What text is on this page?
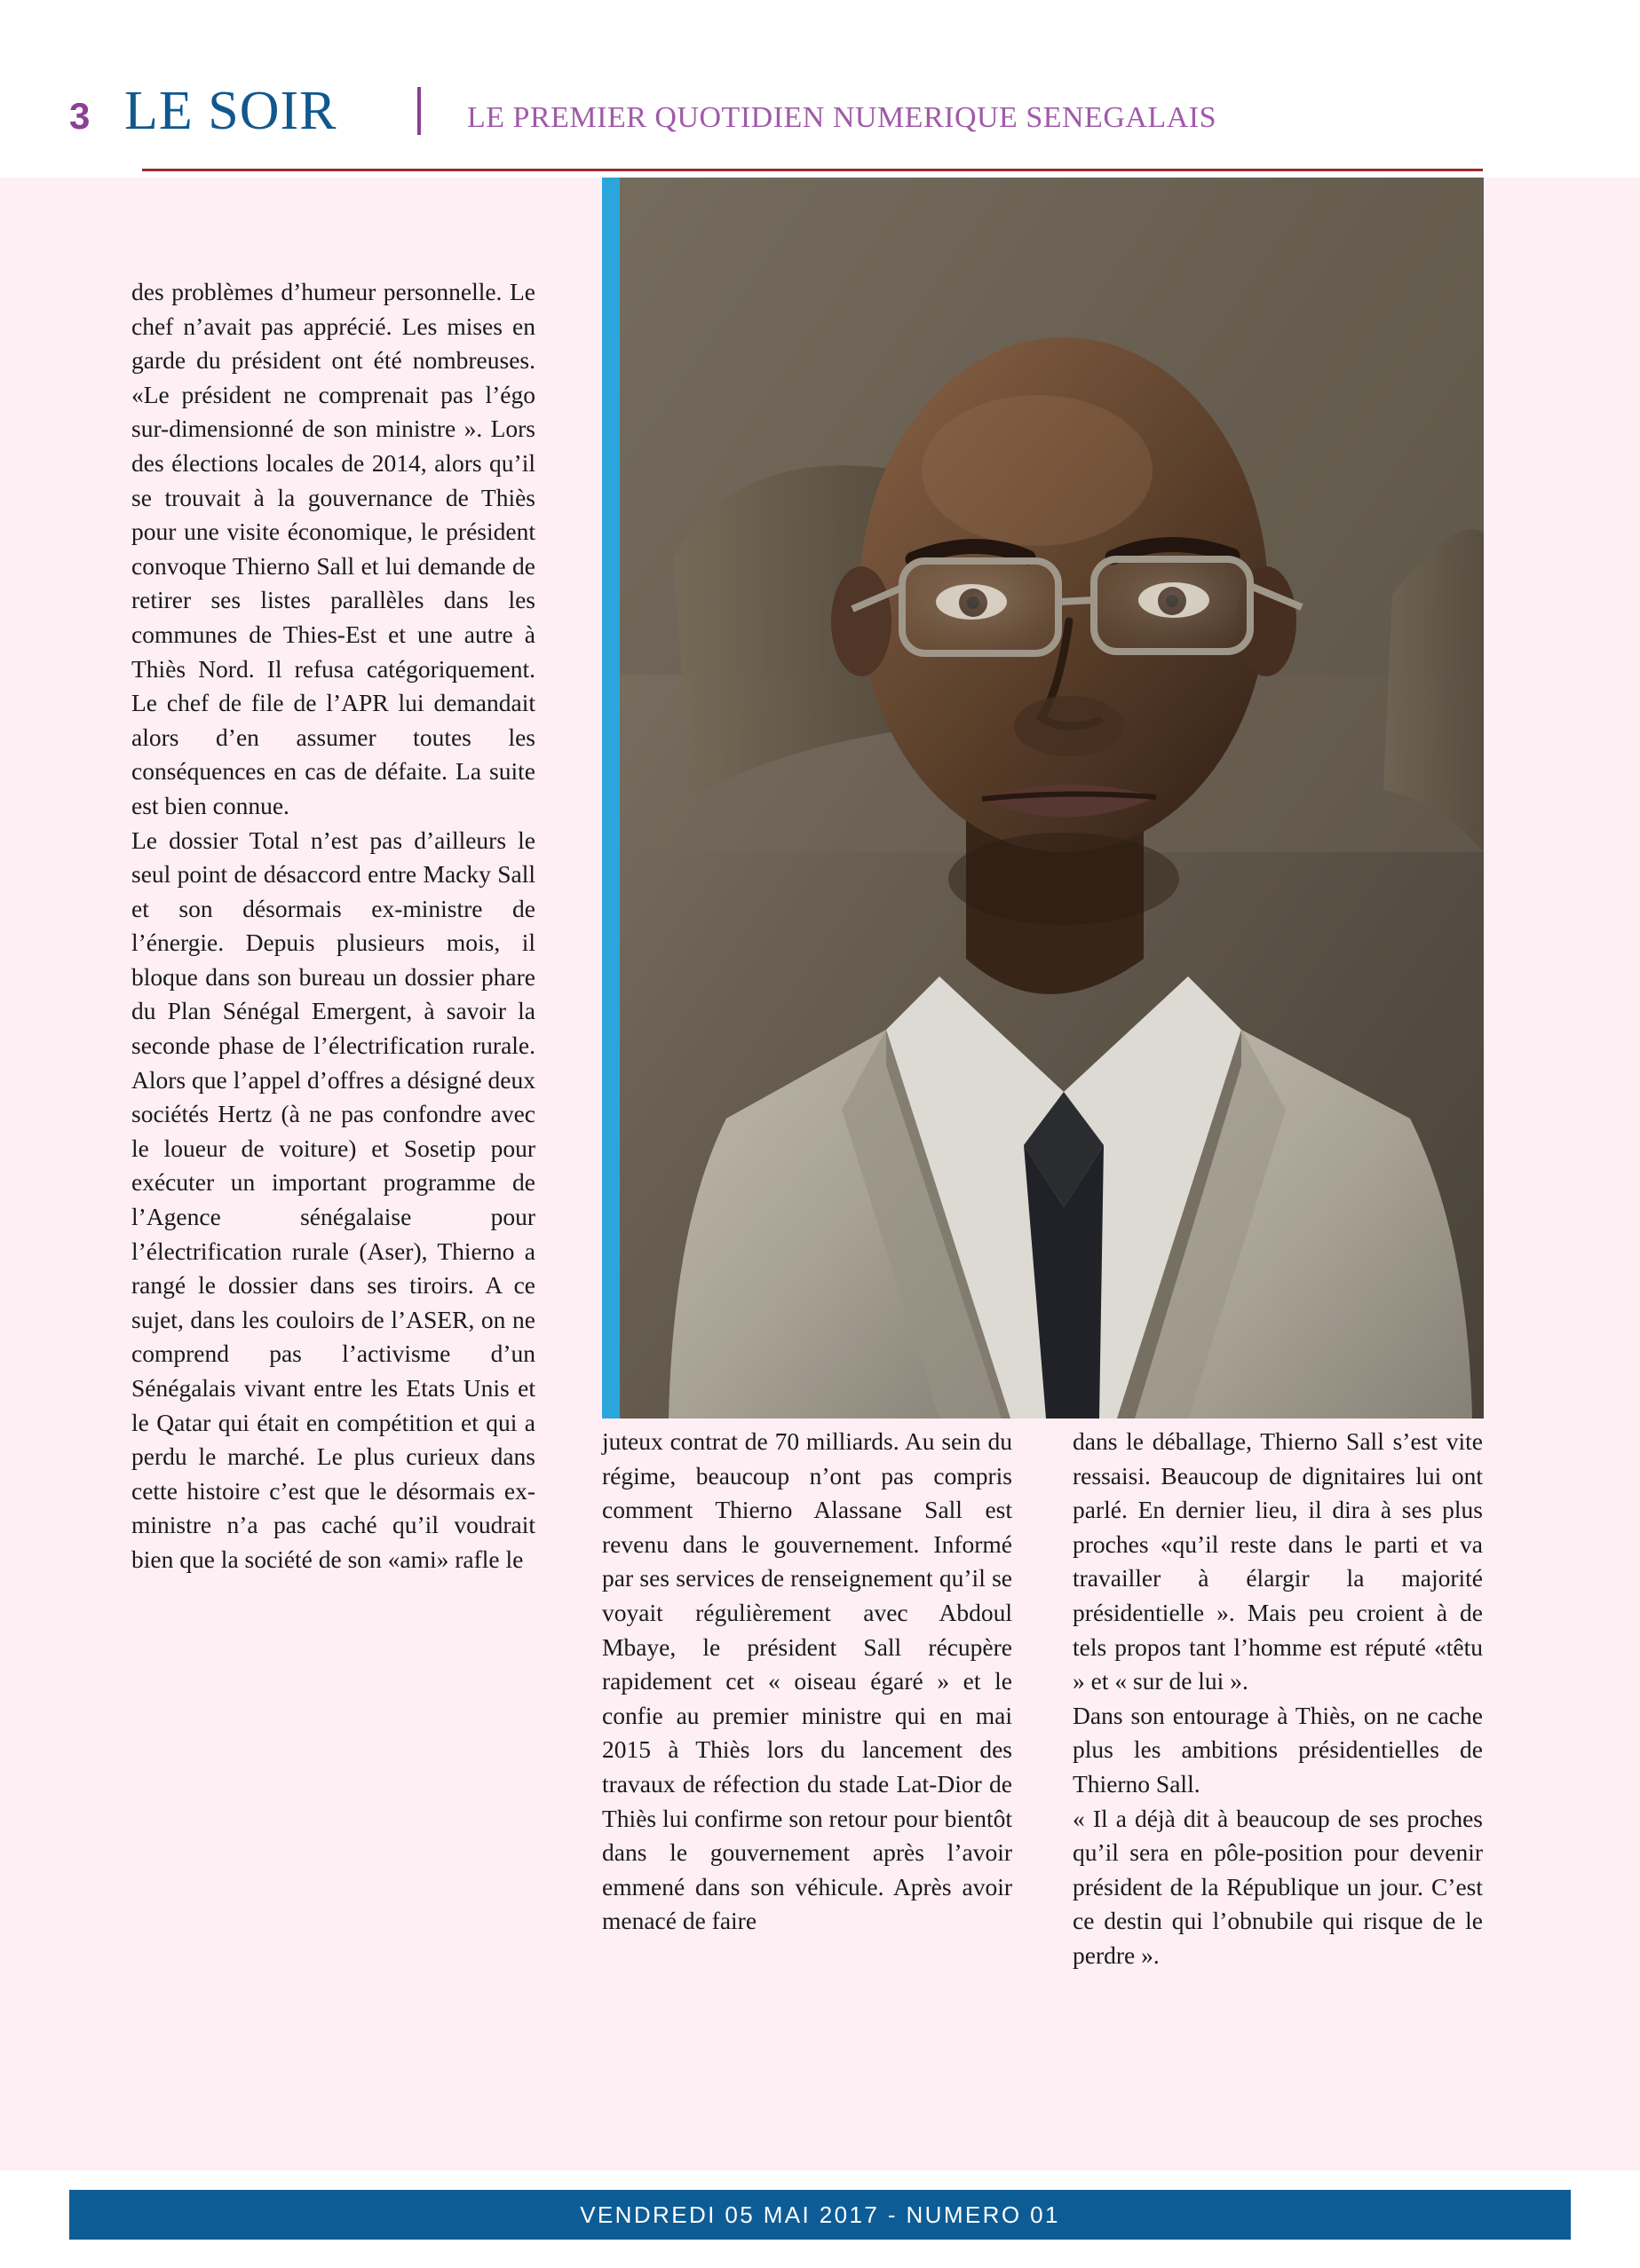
3 LE SOIR	LE PREMIER QUOTIDIEN NUMERIQUE SENEGALAIS

des problèmes d’humeur personnelle. Le chef n’avait pas apprécié. Les mises en garde du président ont été nombreuses. «Le président ne comprenait pas l’égo sur-dimensionné de son ministre ». Lors des élections locales de 2014, alors qu’il se trouvait à la gouvernance de Thiès pour une visite économique, le président convoque Thierno Sall et lui demande de retirer ses listes parallèles dans les communes de Thies-Est et une autre à Thiès Nord. Il refusa catégoriquement. Le chef de file de l’APR lui demandait alors d’en assumer toutes les conséquences en cas de défaite. La suite est bien connue.

Le dossier Total n’est pas d’ailleurs le seul point de désaccord entre Macky Sall et son désormais ex-ministre de l’énergie. Depuis plusieurs mois, il bloque dans son bureau un dossier phare du Plan Sénégal Emergent, à savoir la seconde phase de l’électrification rurale. Alors que l’appel d’offres a désigné deux sociétés Hertz (à ne pas confondre avec le loueur de voiture) et Sosetip pour exécuter un important programme de l’Agence sénégalaise pour l’électrification rurale (Aser), Thierno a rangé le dossier dans ses tiroirs. A ce sujet, dans les couloirs de l’ASER, on ne comprend pas l’activisme d’un Sénégalais vivant entre les Etats Unis et le Qatar qui était en compétition et qui a perdu le marché. Le plus curieux dans cette histoire c’est que le désormais ex-ministre n’a pas caché qu’il voudrait bien que la société de son «ami» rafle le

juteux contrat de 70 milliards. Au sein du régime, beaucoup n’ont pas compris comment Thierno Alassane Sall est revenu dans le gouvernement. Informé par ses services de renseignement qu’il se voyait régulièrement avec Abdoul Mbaye, le président Sall récupère rapidement cet « oiseau égaré » et le confie au premier ministre qui en mai 2015 à Thiès lors du lancement des travaux de réfection du stade Lat-Dior de Thiès lui confirme son retour pour bientôt dans le gouvernement après l’avoir emmené dans son véhicule. Après avoir menacé de faire

dans le déballage, Thierno Sall s’est vite ressaisi. Beaucoup de dignitaires lui ont parlé. En dernier lieu, il dira à ses plus proches «qu’il reste dans le parti et va travailler à élargir la majorité présidentielle ». Mais peu croient à de tels propos tant l’homme est réputé «têtu » et « sur de lui ».

Dans son entourage à Thiès, on ne cache plus les ambitions présidentielles de Thierno Sall.

« Il a déjà dit à beaucoup de ses proches qu’il sera en pôle-position pour devenir président de la République un jour. C’est ce destin qui l’obnubile qui risque de le perdre ».

VENDREDI 05 MAI 2017 - NUMERO 01
